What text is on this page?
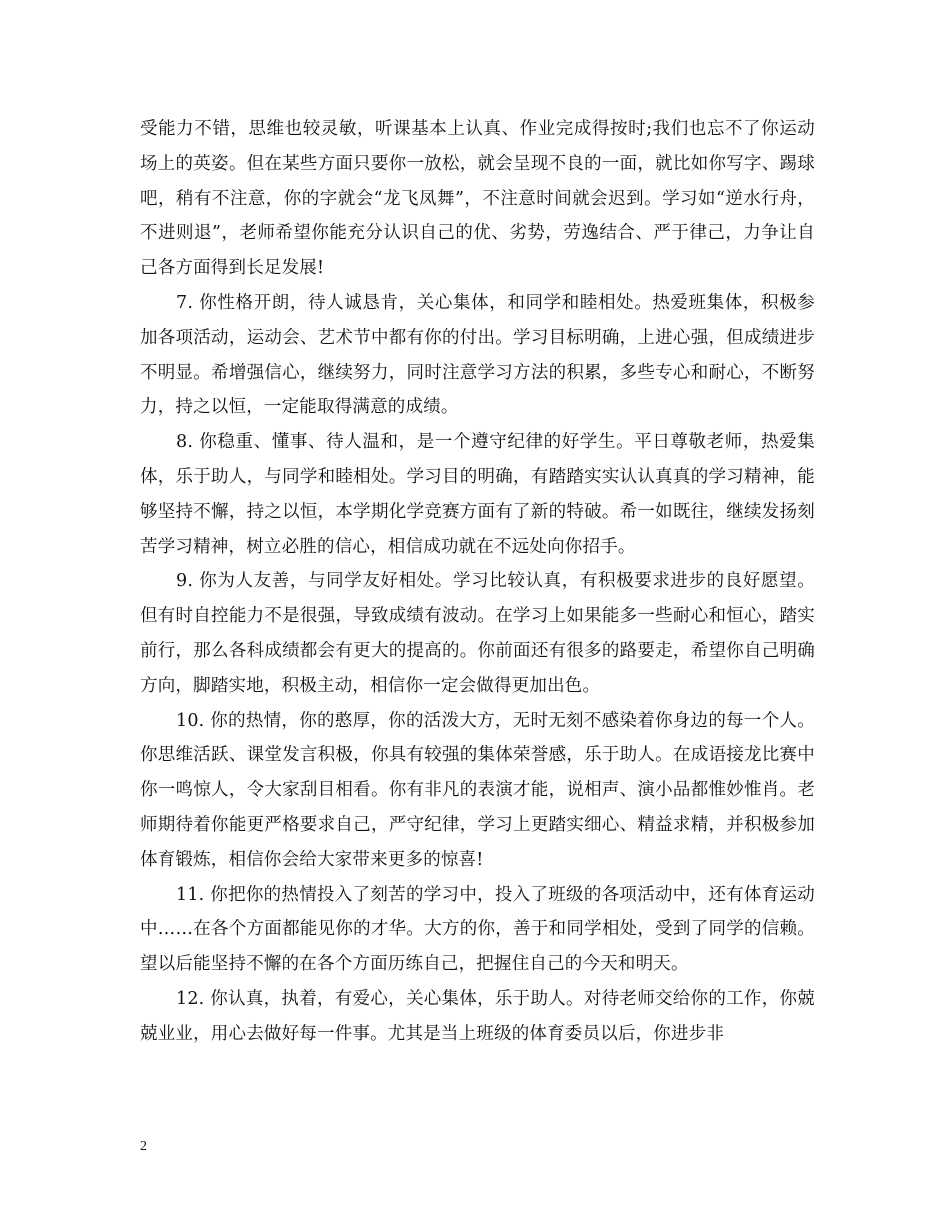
受能力不错，思维也较灵敏，听课基本上认真、作业完成得按时;我们也忘不了你运动场上的英姿。但在某些方面只要你一放松，就会呈现不良的一面，就比如你写字、踢球吧，稍有不注意，你的字就会“龙飞凤舞”，不注意时间就会迟到。学习如“逆水行舟，不进则退”，老师希望你能充分认识自己的优、劣势，劳逸结合、严于律己，力争让自己各方面得到长足发展!

7. 你性格开朗，待人诚恳肯，关心集体，和同学和睦相处。热爱班集体，积极参加各项活动，运动会、艺术节中都有你的付出。学习目标明确，上进心强，但成绩进步不明显。希增强信心，继续努力，同时注意学习方法的积累，多些专心和耐心，不断努力，持之以恒，一定能取得满意的成绩。

8. 你稳重、懂事、待人温和，是一个遵守纪律的好学生。平日尊敬老师，热爱集体，乐于助人，与同学和睦相处。学习目的明确，有踏踏实实认认真真的学习精神，能够坚持不懈，持之以恒，本学期化学竞赛方面有了新的特破。希一如既往，继续发扬刻苦学习精神，树立必胜的信心，相信成功就在不远处向你招手。

9. 你为人友善，与同学友好相处。学习比较认真，有积极要求进步的良好愿望。但有时自控能力不是很强，导致成绩有波动。在学习上如果能多一些耐心和恒心，踏实前行，那么各科成绩都会有更大的提高的。你前面还有很多的路要走，希望你自己明确方向，脚踏实地，积极主动，相信你一定会做得更加出色。

10. 你的热情，你的憨厚，你的活泼大方，无时无刻不感染着你身边的每一个人。你思维活跃、课堂发言积极，你具有较强的集体荣誉感，乐于助人。在成语接龙比赛中你一鸣惊人，令大家刮目相看。你有非凡的表演才能，说相声、演小品都惟妙惟肖。老师期待着你能更严格要求自己，严守纪律，学习上更踏实细心、精益求精，并积极参加体育锻炼，相信你会给大家带来更多的惊喜!

11. 你把你的热情投入了刻苦的学习中，投入了班级的各项活动中，还有体育运动中……在各个方面都能见你的才华。大方的你，善于和同学相处，受到了同学的信赖。望以后能坚持不懈的在各个方面历练自己，把握住自己的今天和明天。

12. 你认真，执着，有爱心，关心集体，乐于助人。对待老师交给你的工作，你兢兢业业，用心去做好每一件事。尤其是当上班级的体育委员以后，你进步非

2
